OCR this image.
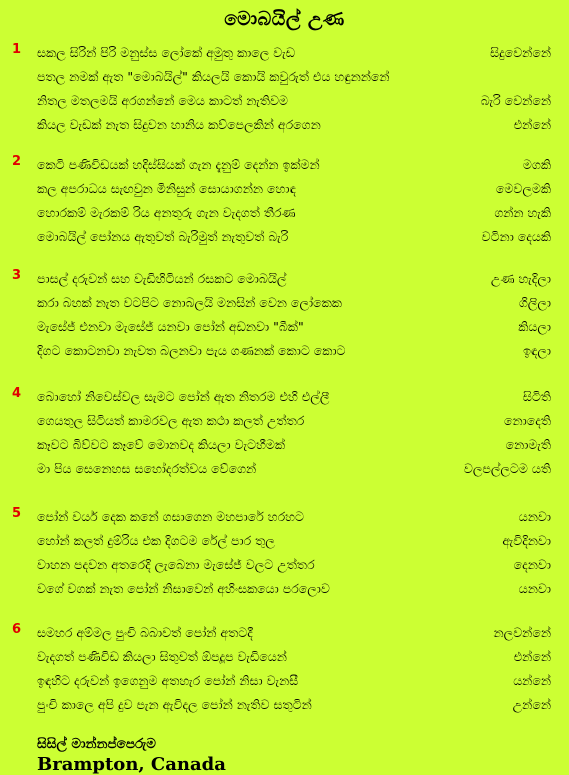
මොබයිල් උණ
1	සකල සිරින් පිරි මනුස්ස ලෝකේ අමුතු කාලෙ වැඩ	සිදුවෙන්නේ
පතල නමක් ඇත "මොබයිල්" කියලයි කොයි කවුරුත් එය හඳුනන්නේ
නිතල මතලමයි අරගන්නේ මෙය කාටත් නැතිවම	බැරි වෙන්නේ
කියල වැඩක් නැත සිදුවන හානිය කව්පෙලකින් අරගෙන	එන්නේ
2	කෙටි පණිවිඩයක් හදිස්සියක් ගැන දැනුම් දෙන්න ඉක්මන්	මගකි
කල අපරාධය සැඟවුන මිනිසුන් සොයාගන්න හොඳ	මෙවලමකි
හොරකම් මැරකම් රිය අනතුරු ගැන වැදගත් තීරණ	ගන්න හැකි
මොබයිල් පෝනය ඇතුවත් බැරිමුත් නැතුවත් බැරි	වටිනා දෙයකි
3	පාසල් දරුවන් සහ වැඩිහිටියන් රසකට මොබයිල්	උණ හැදිලා
කරා බහක් නැත වටපිට නොබලයි මනසින් වෙන ලෝකෙක	ගිලිලා
මැසේජ් එනවා මැසේජ් යනවා පෝන් අඩනවා "බීක්"	කියලා
දිගට කොටනවා නැවත බලනවා පැය ගණනක් කොට කොට	ඉඳලා
4	බොහෝ නිවෙස්වල සැමට පෝන් ඇත නිතරම එහි එල්ලී	සිටිති
ගෙයතුල සිටියත් කාමරවල ඇත කථා කලත් උත්තර	නොදෙති
කෑවට බිව්වට කෑවේ මොනවද කියලා වැටහීමක්	නොමැති
මා පිය සෙනෙහස සහෝදරත්වය වේගෙන්	වලපල්ලටම යති
5	පෝන් වයර් දෙක කනේ ගසාගෙන මහපාරේ හරහට	යනවා
හෝන් කලත් දුම්රිය එක දිගටම රේල් පාර තුල	ඇවිදිනවා
වාහන පදවන අතරෙදි ලැබෙනා මැසේජ් වලට උත්තර	දෙනවා
වගේ වගක් නැත පෝන් නිසාවෙන් අහිංසකයො පරලොව	යනවා
6	සමහර අම්මල පුංචි බබාවත් පෝන් අතටදී	නලවන්නේ
වැදගත් පණිවිඩ කියලා සිතුවත් ඕපදූප වැඩියෙන්	එන්නේ
ඉඳහිට දරුවන් ඉගෙනුම අතහැර පෝන් නිසා වැනසී	යන්නේ
පුංචි කාලෙ අපි දුව පැන ඇවිදල පෝන් නැතිව සතුටින්	උන්නේ
සිසිල් මාන්නප්පෙරුම
Brampton, Canada
